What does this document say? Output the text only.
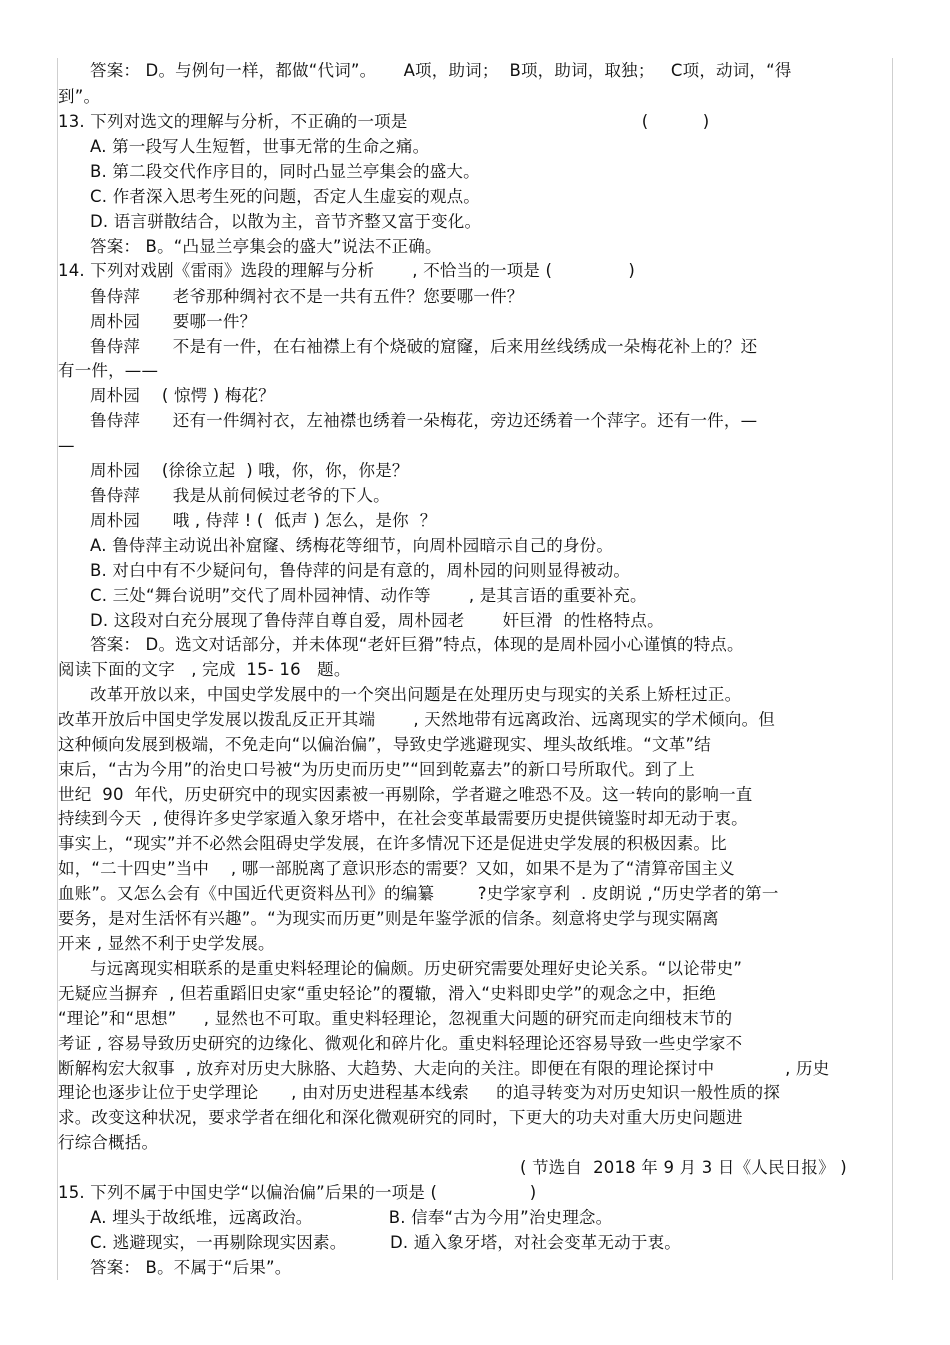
答案： D。与例句一样，都做“代词”。     A项，助词；  B项，助词，取独；   C项，动词，“得
到”。
13. 下列对选文的理解与分析，不正确的一项是                                           (          )
A. 第一段写人生短暂，世事无常的生命之痛。
B. 第二段交代作序目的，同时凸显兰亭集会的盛大。
C. 作者深入思考生死的问题，否定人生虚妄的观点。
D. 语言骈散结合，以散为主，音节齐整又富于变化。
答案： B。“凸显兰亭集会的盛大”说法不正确。
14. 下列对戏剧《雷雨》选段的理解与分析       , 不恰当的一项是 (              )
鲁侍萍      老爷那种绸衬衣不是一共有五件？您要哪一件？
周朴园      要哪一件？
鲁侍萍      不是有一件，在右袖襟上有个烧破的窟窿，后来用丝线绣成一朵梅花补上的？还
有一件，——
周朴园    ( 惊愕 ) 梅花？
鲁侍萍      还有一件绸衬衣，左袖襟也绣着一朵梅花，旁边还绣着一个萍字。还有一件，—
—
周朴园    (徐徐立起  ) 哦，你，你，你是？
鲁侍萍      我是从前伺候过老爷的下人。
周朴园      哦 , 侍萍 ! (  低声 ) 怎么，是你  ？
A. 鲁侍萍主动说出补窟窿、绣梅花等细节，向周朴园暗示自己的身份。
B. 对白中有不少疑问句，鲁侍萍的问是有意的，周朴园的问则显得被动。
C. 三处“舞台说明”交代了周朴园神情、动作等       , 是其言语的重要补充。
D. 这段对白充分展现了鲁侍萍自尊自爱，周朴园老       奸巨滑  的性格特点。
答案： D。选文对话部分，并未体现“老奸巨猾”特点，体现的是周朴园小心谨慎的特点。
阅读下面的文字   , 完成  15- 16   题。
改革开放以来，中国史学发展中的一个突出问题是在处理历史与现实的关系上矫枉过正。
改革开放后中国史学发展以拨乱反正开其端       , 天然地带有远离政治、远离现实的学术倾向。但
这种倾向发展到极端，不免走向“以偏治偏”，导致史学逃避现实、埋头故纸堆。“文革”结
束后，“古为今用”的治史口号被“为历史而历史”“回到乾嘉去”的新口号所取代。到了上
世纪  90  年代，历史研究中的现实因素被一再剔除，学者避之唯恐不及。这一转向的影响一直
持续到今天  , 使得许多史学家遁入象牙塔中，在社会变革最需要历史提供镜鉴时却无动于衷。
事实上，“现实”并不必然会阻碍史学发展，在许多情况下还是促进史学发展的积极因素。比
如，“二十四史”当中    , 哪一部脱离了意识形态的需要？又如，如果不是为了“清算帝国主义
血账”。又怎么会有《中国近代更资料丛刊》的编纂        ?史学家亨利  . 皮朗说 ,“历史学者的第一
要务，是对生活怀有兴趣”。“为现实而历更”则是年鉴学派的信条。刻意将史学与现实隔离
开来 , 显然不利于史学发展。
与远离现实相联系的是重史料轻理论的偏颇。历史研究需要处理好史论关系。“以论带史”
无疑应当摒弃  , 但若重蹈旧史家“重史轻论”的覆辙，滑入“史料即史学”的观念之中，拒绝
“理论”和“思想”     , 显然也不可取。重史料轻理论，忽视重大问题的研究而走向细枝末节的
考证 , 容易导致历史研究的边缘化、微观化和碎片化。重史料轻理论还容易导致一些史学家不
断解构宏大叙事  , 放弃对历史大脉胳、大趋势、大走向的关注。即便在有限的理论探讨中             , 历史
理论也逐步让位于史学理论      , 由对历史进程基本线索     的追寻转变为对历史知识一般性质的探
求。改变这种状况，要求学者在细化和深化微观研究的同时，下更大的功夫对重大历史问题进
行综合概括。
( 节选自  2018 年 9 月 3 日《人民日报》 )
15. 下列不属于中国史学“以偏治偏”后果的一项是 (                 )
A. 埋头于故纸堆，远离政治。              B. 信奉“古为今用”治史理念。
C. 逃避现实，一再剔除现实因素。        D. 遁入象牙塔，对社会变革无动于衷。
答案： B。不属于“后果”。
